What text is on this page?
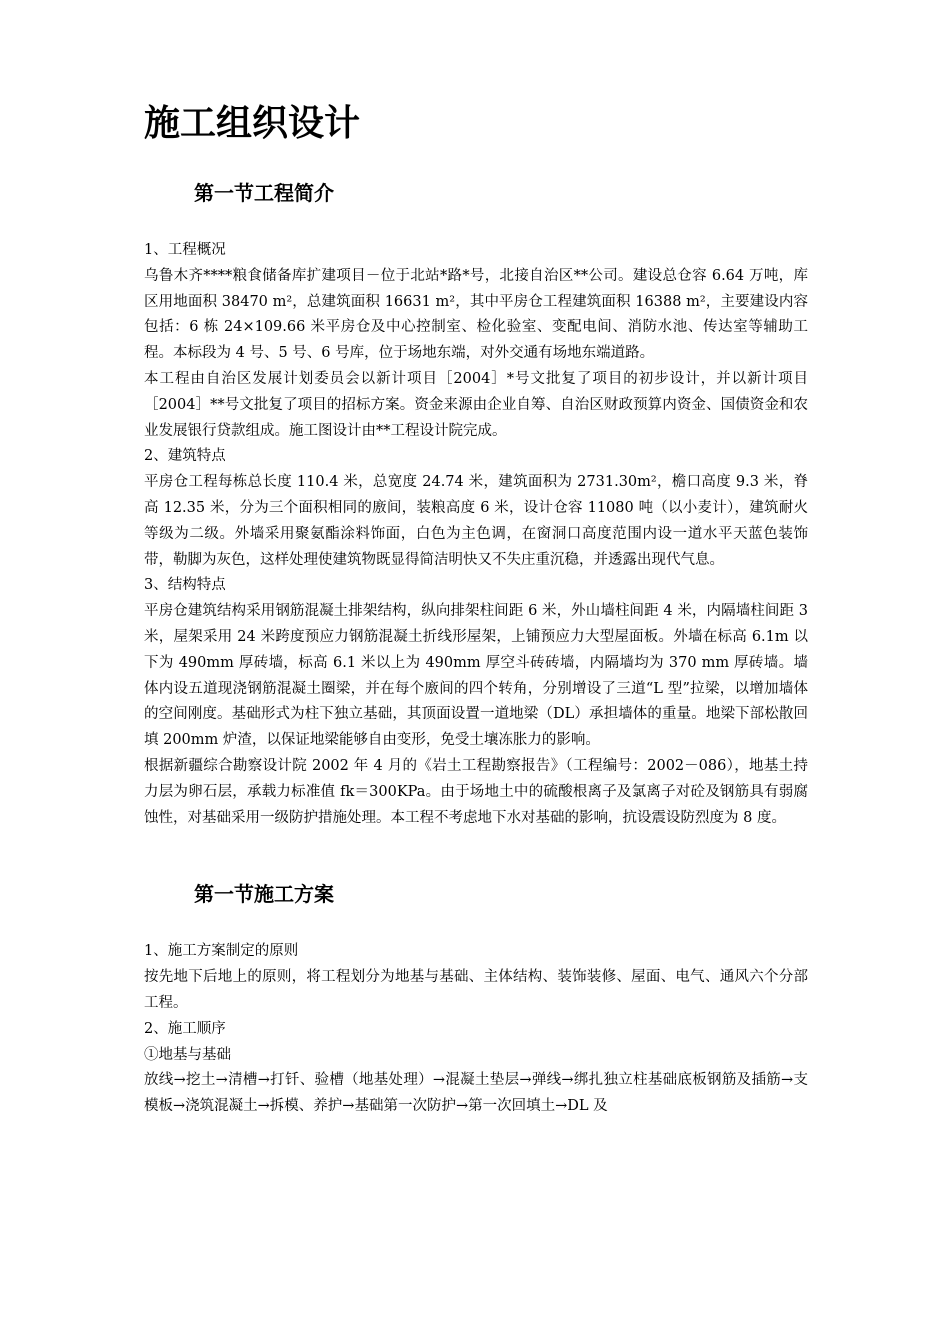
施工组织设计
第一节工程简介

1、工程概况

乌鲁木齐****粮食储备库扩建项目－位于北站*路*号，北接自治区**公司。建设总仓容 6.64 万吨，库区用地面积 38470 m²，总建筑面积 16631 m²，其中平房仓工程建筑面积 16388 m²，主要建设内容包括：6 栋 24×109.66 米平房仓及中心控制室、检化验室、变配电间、消防水池、传达室等辅助工程。本标段为 4 号、5 号、6 号库，位于场地东端，对外交通有场地东端道路。

本工程由自治区发展计划委员会以新计项目［2004］*号文批复了项目的初步设计，并以新计项目［2004］**号文批复了项目的招标方案。资金来源由企业自筹、自治区财政预算内资金、国债资金和农业发展银行贷款组成。施工图设计由**工程设计院完成。

2、建筑特点

平房仓工程每栋总长度 110.4 米，总宽度 24.74 米，建筑面积为 2731.30m²，檐口高度 9.3 米，脊高 12.35 米，分为三个面积相同的廒间，装粮高度 6 米，设计仓容 11080 吨（以小麦计），建筑耐火等级为二级。外墙采用聚氨酯涂料饰面，白色为主色调，在窗洞口高度范围内设一道水平天蓝色装饰带，勒脚为灰色，这样处理使建筑物既显得简洁明快又不失庄重沉稳，并透露出现代气息。

3、结构特点

平房仓建筑结构采用钢筋混凝土排架结构，纵向排架柱间距 6 米，外山墙柱间距 4 米，内隔墙柱间距 3 米，屋架采用 24 米跨度预应力钢筋混凝土折线形屋架，上铺预应力大型屋面板。外墙在标高 6.1m 以下为 490mm 厚砖墙，标高 6.1 米以上为 490mm 厚空斗砖砖墙，内隔墙均为 370 mm 厚砖墙。墙体内设五道现浇钢筋混凝土圈梁，并在每个廒间的四个转角，分别增设了三道“L 型”拉梁，以增加墙体的空间刚度。基础形式为柱下独立基础，其顶面设置一道地梁（DL）承担墙体的重量。地梁下部松散回填 200mm 炉渣，以保证地梁能够自由变形，免受土壤冻胀力的影响。

根据新疆综合勘察设计院 2002 年 4 月的《岩土工程勘察报告》（工程编号：2002－086），地基土持力层为卵石层，承载力标准值 fk＝300KPa。由于场地土中的硫酸根离子及氯离子对砼及钢筋具有弱腐蚀性，对基础采用一级防护措施处理。本工程不考虑地下水对基础的影响，抗设震设防烈度为 8 度。

第一节施工方案

1、施工方案制定的原则

按先地下后地上的原则，将工程划分为地基与基础、主体结构、装饰装修、屋面、电气、通风六个分部工程。

2、施工顺序

①地基与基础

放线→挖土→清槽→打钎、验槽（地基处理）→混凝土垫层→弹线→绑扎独立柱基础底板钢筋及插筋→支模板→浇筑混凝土→拆模、养护→基础第一次防护→第一次回填土→DL 及
